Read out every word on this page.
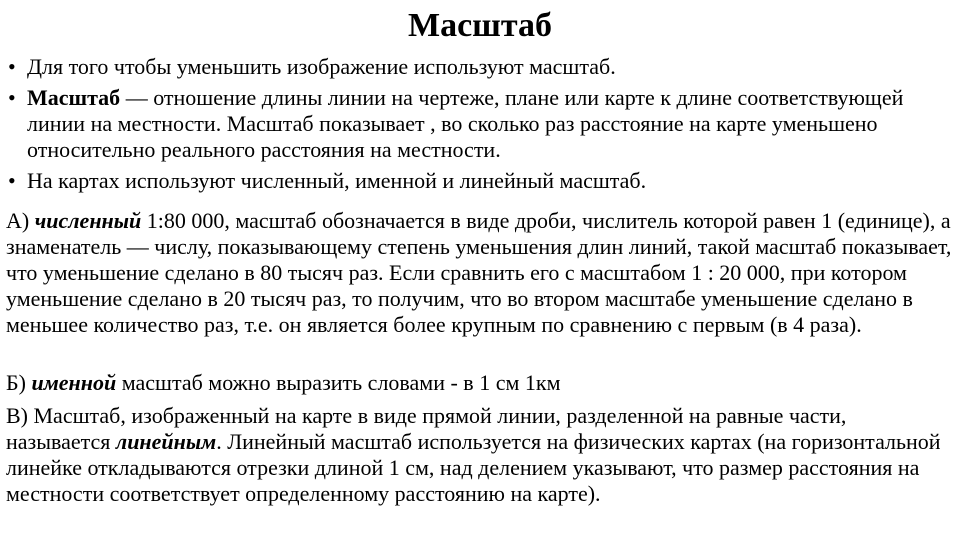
Масштаб
• Для того чтобы уменьшить изображение используют масштаб.
• Масштаб — отношение длины линии на чертеже, плане или карте к длине соответствующей линии на местности. Масштаб показывает , во сколько раз расстояние на карте уменьшено относительно реального расстояния на местности.
• На картах используют численный, именной и линейный масштаб.

А) численный 1:80 000, масштаб обозначается в виде дроби, числитель которой равен 1 (единице), а знаменатель — числу, показывающему степень уменьшения длин линий, такой масштаб показывает, что уменьшение сделано в 80 тысяч раз. Если сравнить его с масштабом 1 : 20 000, при котором уменьшение сделано в 20 тысяч раз, то получим, что во втором масштабе уменьшение сделано в меньшее количество раз, т.е. он является более крупным по сравнению с первым (в 4 раза).

Б) именной масштаб можно выразить словами - в 1 см 1км

В) Масштаб, изображенный на карте в виде прямой линии, разделенной на равные части, называется линейным. Линейный масштаб используется на физических картах (на горизонтальной линейке откладываются отрезки длиной 1 см, над делением указывают, что размер расстояния на местности соответствует определенному расстоянию на карте).
